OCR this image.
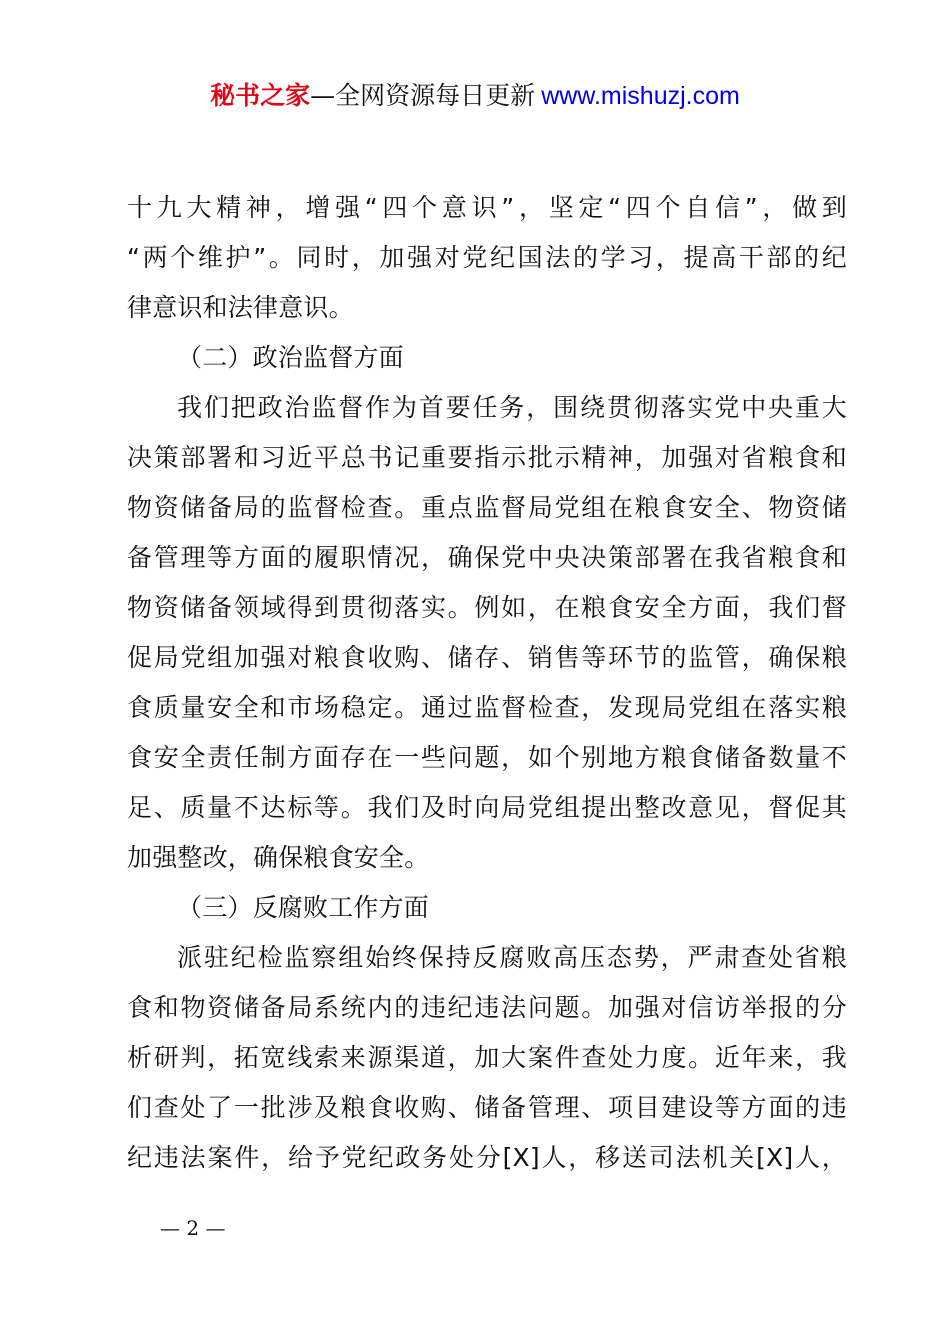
秘书之家—全网资源每日更新 www.mishuzj.com
十九大精神，增强“四个意识”，坚定“四个自信”，做到
“两个维护”。同时，加强对党纪国法的学习，提高干部的纪
律意识和法律意识。
（二）政治监督方面
我们把政治监督作为首要任务，围绕贯彻落实党中央重大
决策部署和习近平总书记重要指示批示精神，加强对省粮食和
物资储备局的监督检查。重点监督局党组在粮食安全、物资储
备管理等方面的履职情况，确保党中央决策部署在我省粮食和
物资储备领域得到贯彻落实。例如，在粮食安全方面，我们督
促局党组加强对粮食收购、储存、销售等环节的监管，确保粮
食质量安全和市场稳定。通过监督检查，发现局党组在落实粮
食安全责任制方面存在一些问题，如个别地方粮食储备数量不
足、质量不达标等。我们及时向局党组提出整改意见，督促其
加强整改，确保粮食安全。
（三）反腐败工作方面
派驻纪检监察组始终保持反腐败高压态势，严肃查处省粮
食和物资储备局系统内的违纪违法问题。加强对信访举报的分
析研判，拓宽线索来源渠道，加大案件查处力度。近年来，我
们查处了一批涉及粮食收购、储备管理、项目建设等方面的违
纪违法案件，给予党纪政务处分[X]人，移送司法机关[X]人，
— 2 —
